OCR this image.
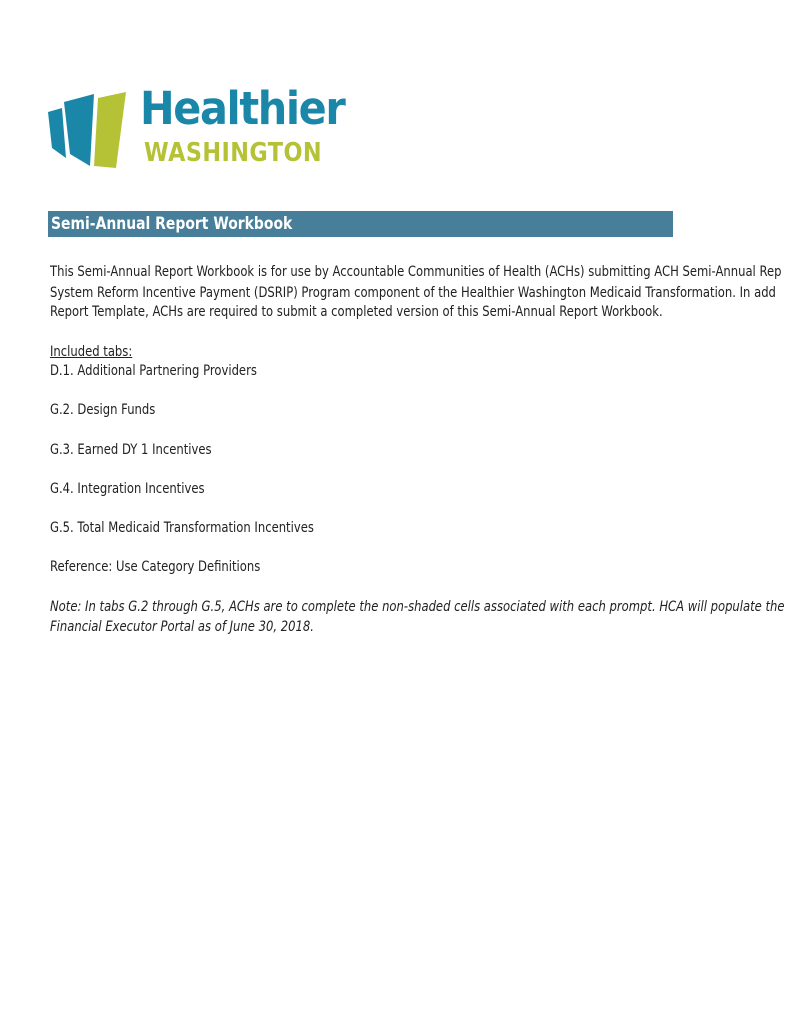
Healthier
WASHINGTON
Semi-Annual Report Workbook
This Semi-Annual Report Workbook is for use by Accountable Communities of Health (ACHs) submitting ACH Semi-Annual Rep
System Reform Incentive Payment (DSRIP) Program component of the Healthier Washington Medicaid Transformation. In add
Report Template, ACHs are required to submit a completed version of this Semi-Annual Report Workbook.
Included tabs:
D.1. Additional Partnering Providers
G.2. Design Funds
G.3. Earned DY 1 Incentives
G.4. Integration Incentives
G.5. Total Medicaid Transformation Incentives
Reference: Use Category Definitions
Note: In tabs G.2 through G.5, ACHs are to complete the non-shaded cells associated with each prompt. HCA will populate the
Financial Executor Portal as of June 30, 2018.
